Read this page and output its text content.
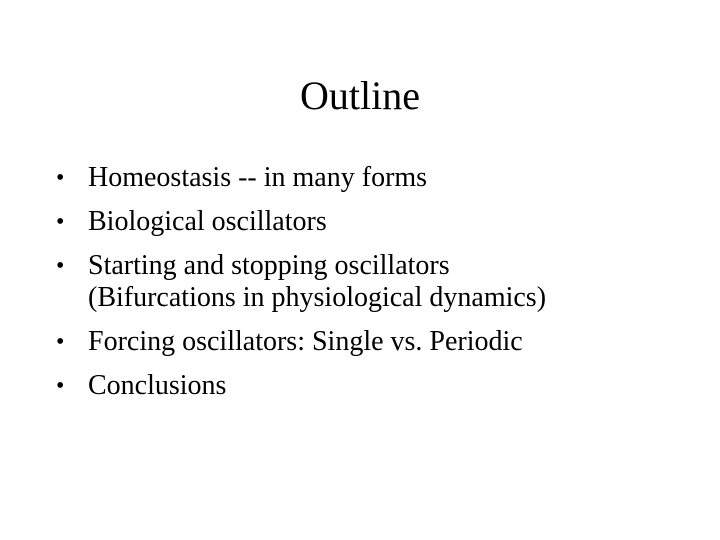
Outline
• Homeostasis -- in many forms
• Biological oscillators
• Starting and stopping oscillators
(Bifurcations in physiological dynamics)
• Forcing oscillators: Single vs. Periodic
• Conclusions
